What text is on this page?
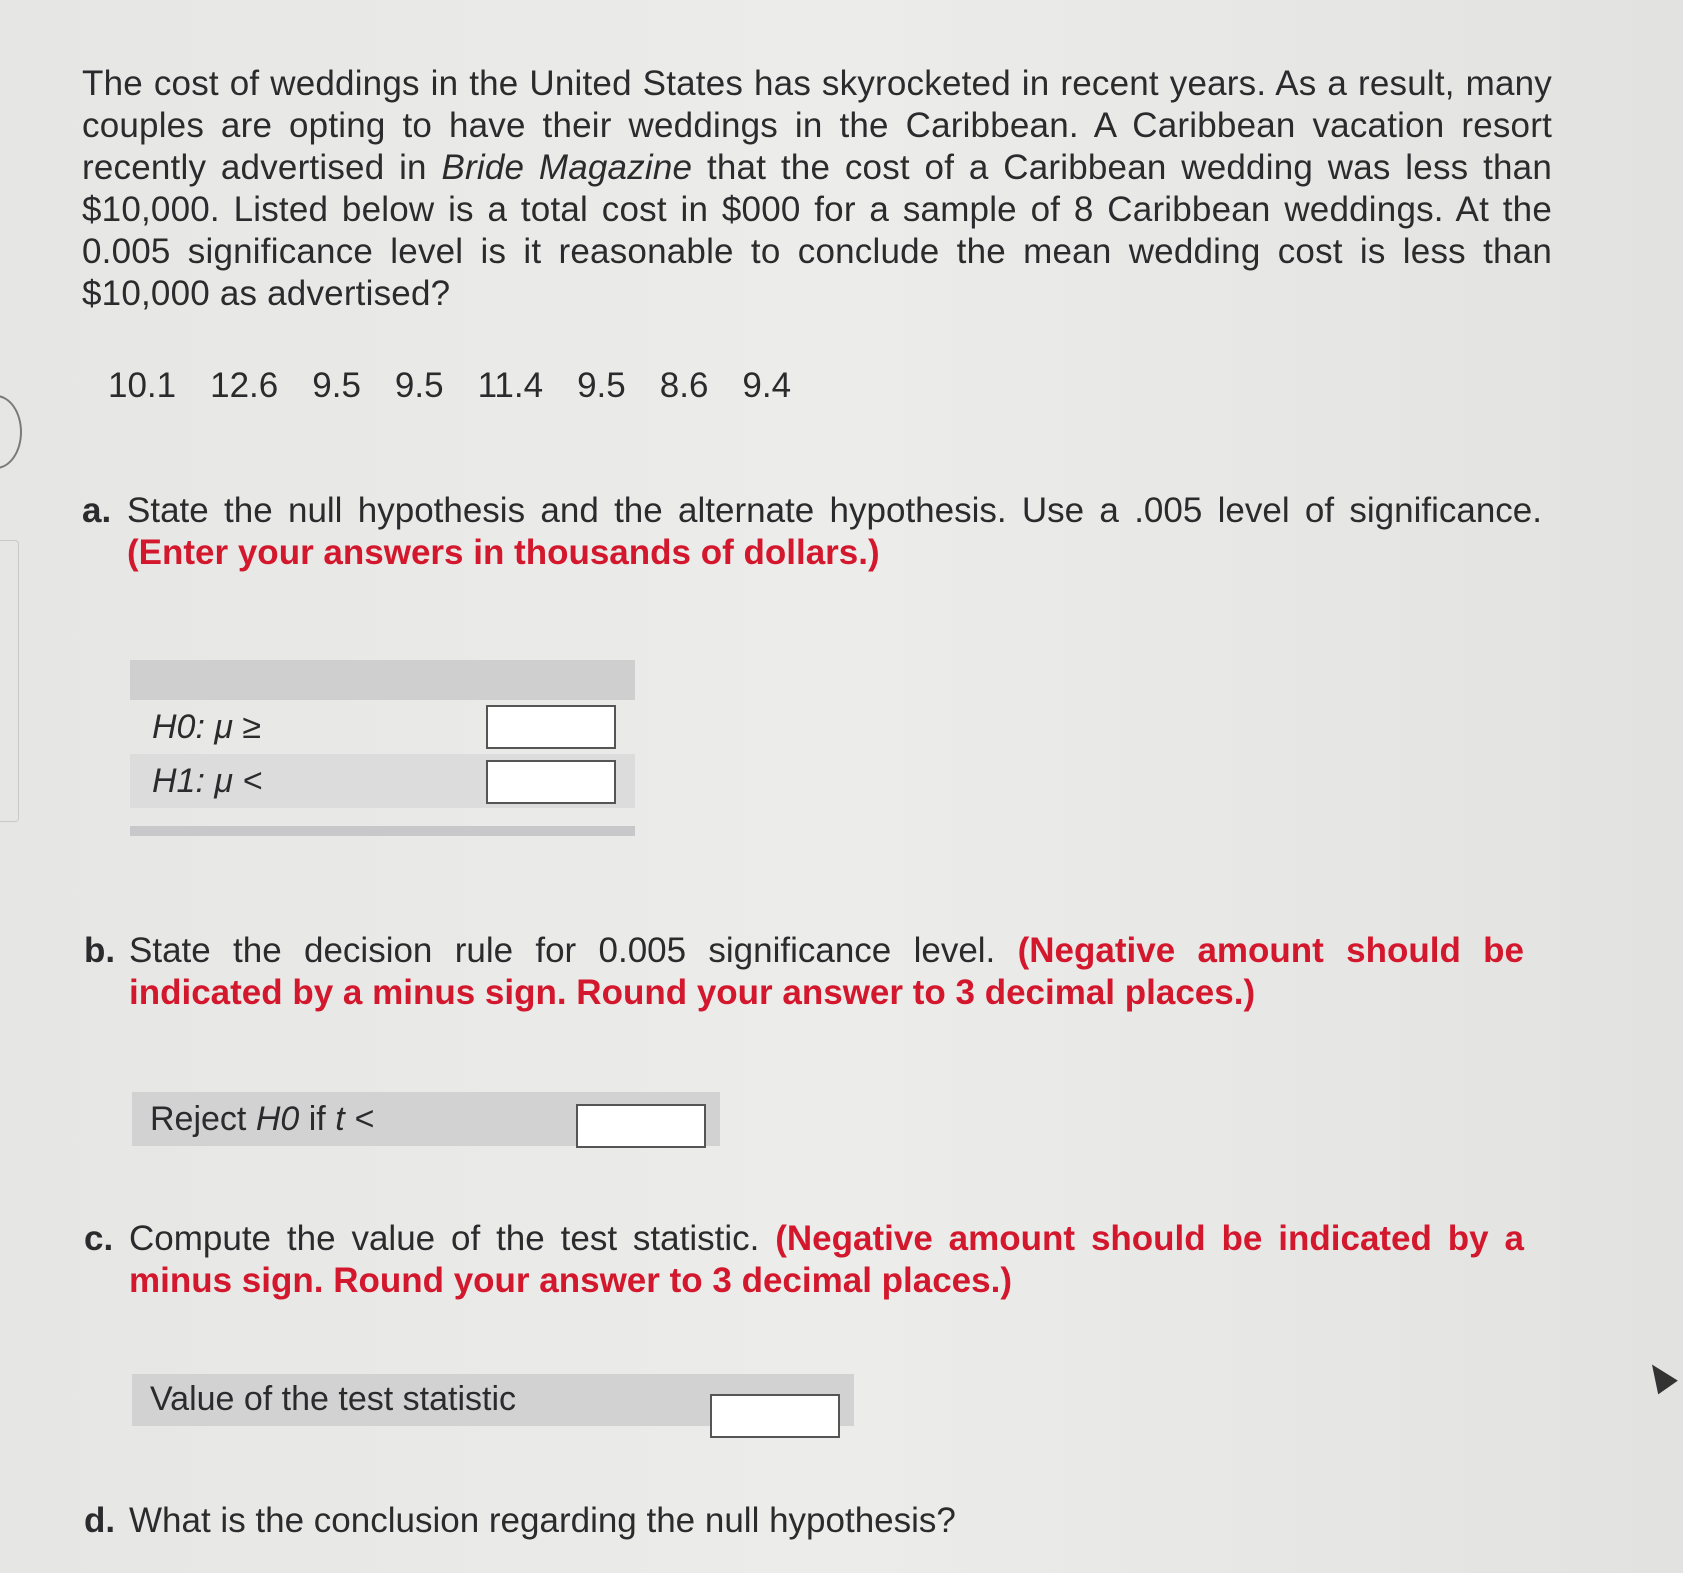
The cost of weddings in the United States has skyrocketed in recent years. As a result, many couples are opting to have their weddings in the Caribbean. A Caribbean vacation resort recently advertised in Bride Magazine that the cost of a Caribbean wedding was less than $10,000. Listed below is a total cost in $000 for a sample of 8 Caribbean weddings. At the 0.005 significance level is it reasonable to conclude the mean wedding cost is less than $10,000 as advertised?

10.1 12.6 9.5 9.5 11.4 9.5 8.6 9.4
a. State the null hypothesis and the alternate hypothesis. Use a .005 level of significance. (Enter your answers in thousands of dollars.)
H0: μ ≥
H1: μ <
b. State the decision rule for 0.005 significance level. (Negative amount should be indicated by a minus sign. Round your answer to 3 decimal places.)
Reject H0 if t <
c. Compute the value of the test statistic. (Negative amount should be indicated by a minus sign. Round your answer to 3 decimal places.)
Value of the test statistic
d. What is the conclusion regarding the null hypothesis?
